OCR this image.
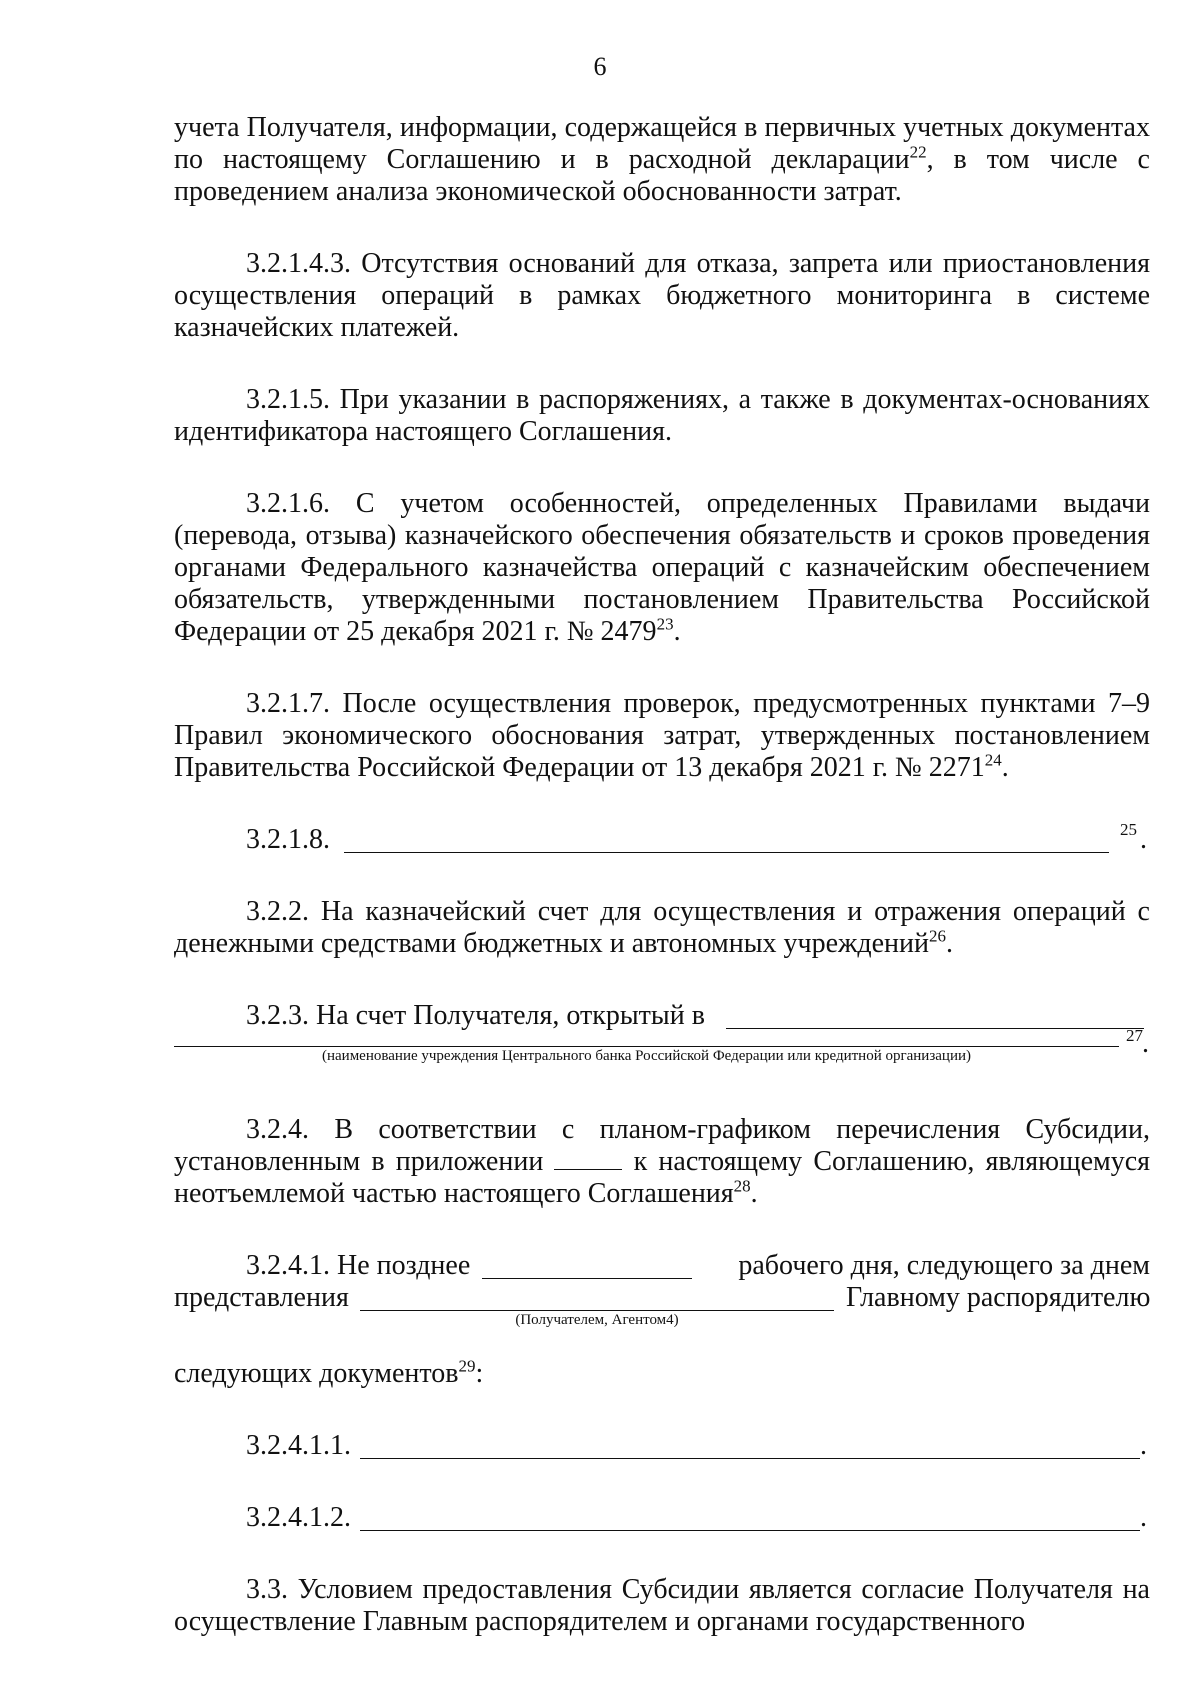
6

учета Получателя, информации, содержащейся в первичных учетных документах по настоящему Соглашению и в расходной декларации$^{22}$, в том числе с проведением анализа экономической обоснованности затрат.

3.2.1.4.3. Отсутствия оснований для отказа, запрета или приостановления осуществления операций в рамках бюджетного мониторинга в системе казначейских платежей.

3.2.1.5. При указании в распоряжениях, а также в документах-основаниях идентификатора настоящего Соглашения.

3.2.1.6. С учетом особенностей, определенных Правилами выдачи (перевода, отзыва) казначейского обеспечения обязательств и сроков проведения органами Федерального казначейства операций с казначейским обеспечением обязательств, утвержденными постановлением Правительства Российской Федерации от 25 декабря 2021 г. № 2479$^{23}$.

3.2.1.7. После осуществления проверок, предусмотренных пунктами 7–9 Правил экономического обоснования затрат, утвержденных постановлением Правительства Российской Федерации от 13 декабря 2021 г. № 2271$^{24}$.

3.2.1.8.	25 .

3.2.2. На казначейский счет для осуществления и отражения операций с денежными средствами бюджетных и автономных учреждений$^{26}$.

3.2.3. На счет Получателя, открытый в
27 .
(наименование учреждения Центрального банка Российской Федерации или кредитной организации)

3.2.4. В соответствии с планом-графиком перечисления Субсидии, установленным в приложении	к настоящему Соглашению, являющемуся неотъемлемой частью настоящего Соглашения$^{28}$.

3.2.4.1. Не позднее	рабочего дня, следующего за днем
представления	Главному распорядителю
(Получателем, Агентом4)

следующих документов$^{29}$:

3.2.4.1.1.	.
3.2.4.1.2.	.

3.3. Условием предоставления Субсидии является согласие Получателя на осуществление Главным распорядителем и органами государственного
